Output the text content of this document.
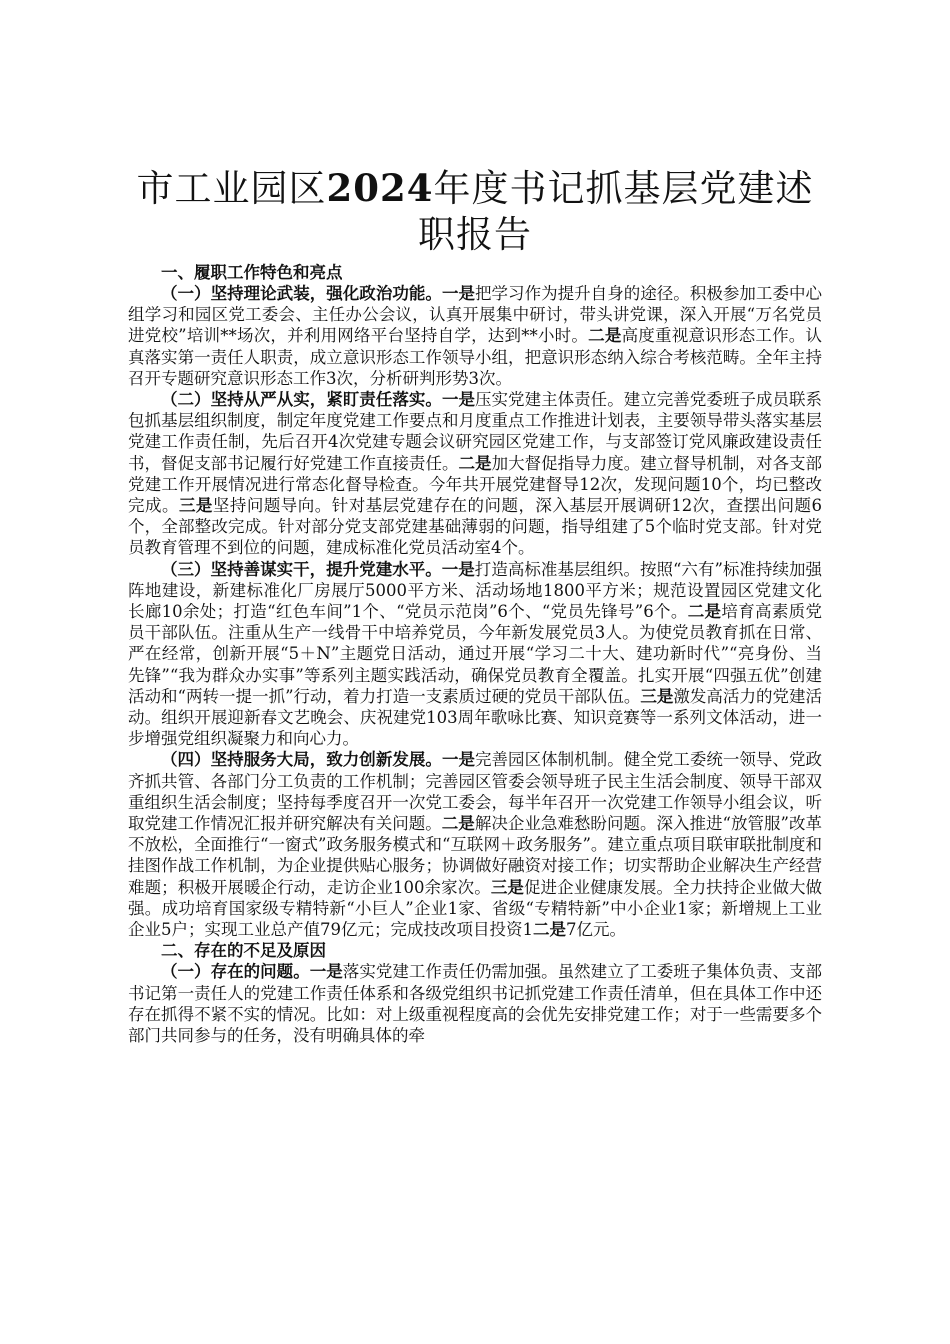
市工业园区2024年度书记抓基层党建述职报告

一、履职工作特色和亮点

（一）坚持理论武装，强化政治功能。一是把学习作为提升自身的途径。积极参加工委中心组学习和园区党工委会、主任办公会议，认真开展集中研讨，带头讲党课，深入开展“万名党员进党校”培训**场次，并利用网络平台坚持自学，达到**小时。二是高度重视意识形态工作。认真落实第一责任人职责，成立意识形态工作领导小组，把意识形态纳入综合考核范畴。全年主持召开专题研究意识形态工作3次，分析研判形势3次。

（二）坚持从严从实，紧盯责任落实。一是压实党建主体责任。建立完善党委班子成员联系包抓基层组织制度，制定年度党建工作要点和月度重点工作推进计划表，主要领导带头落实基层党建工作责任制，先后召开4次党建专题会议研究园区党建工作，与支部签订党风廉政建设责任书，督促支部书记履行好党建工作直接责任。二是加大督促指导力度。建立督导机制，对各支部党建工作开展情况进行常态化督导检查。今年共开展党建督导12次，发现问题10个，均已整改完成。三是坚持问题导向。针对基层党建存在的问题，深入基层开展调研12次，查摆出问题6个，全部整改完成。针对部分党支部党建基础薄弱的问题，指导组建了5个临时党支部。针对党员教育管理不到位的问题，建成标准化党员活动室4个。

（三）坚持善谋实干，提升党建水平。一是打造高标准基层组织。按照“六有”标准持续加强阵地建设，新建标准化厂房展厅5000平方米、活动场地1800平方米；规范设置园区党建文化长廊10余处；打造“红色车间”1个、“党员示范岗”6个、“党员先锋号”6个。二是培育高素质党员干部队伍。注重从生产一线骨干中培养党员，今年新发展党员3人。为使党员教育抓在日常、严在经常，创新开展“5＋N”主题党日活动，通过开展“学习二十大、建功新时代”“亮身份、当先锋”“我为群众办实事”等系列主题实践活动，确保党员教育全覆盖。扎实开展“四强五优”创建活动和“两转一提一抓”行动，着力打造一支素质过硬的党员干部队伍。三是激发高活力的党建活动。组织开展迎新春文艺晚会、庆祝建党103周年歌咏比赛、知识竞赛等一系列文体活动，进一步增强党组织凝聚力和向心力。

（四）坚持服务大局，致力创新发展。一是完善园区体制机制。健全党工委统一领导、党政齐抓共管、各部门分工负责的工作机制；完善园区管委会领导班子民主生活会制度、领导干部双重组织生活会制度；坚持每季度召开一次党工委会，每半年召开一次党建工作领导小组会议，听取党建工作情况汇报并研究解决有关问题。二是解决企业急难愁盼问题。深入推进“放管服”改革不放松，全面推行“一窗式”政务服务模式和“互联网＋政务服务”。建立重点项目联审联批制度和挂图作战工作机制，为企业提供贴心服务；协调做好融资对接工作；切实帮助企业解决生产经营难题；积极开展暖企行动，走访企业100余家次。三是促进企业健康发展。全力扶持企业做大做强。成功培育国家级专精特新“小巨人”企业1家、省级“专精特新”中小企业1家；新增规上工业企业5户；实现工业总产值79亿元；完成技改项目投资1二是7亿元。

二、存在的不足及原因

（一）存在的问题。一是落实党建工作责任仍需加强。虽然建立了工委班子集体负责、支部书记第一责任人的党建工作责任体系和各级党组织书记抓党建工作责任清单，但在具体工作中还存在抓得不紧不实的情况。比如：对上级重视程度高的会优先安排党建工作；对于一些需要多个部门共同参与的任务，没有明确具体的牵
